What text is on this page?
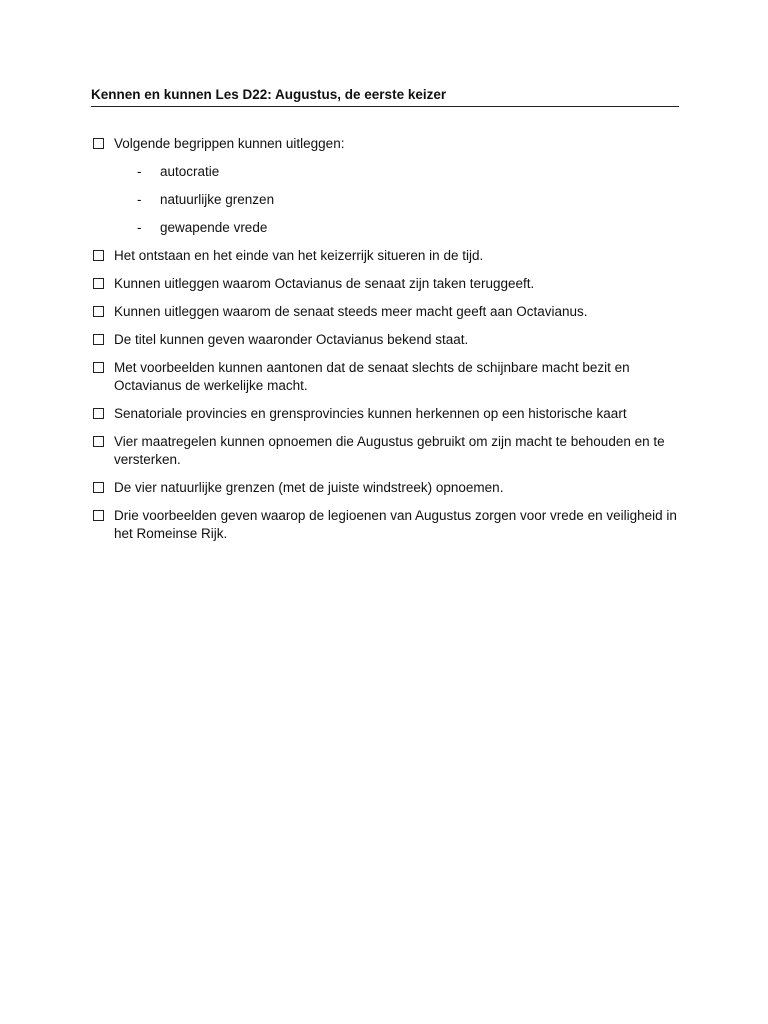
Kennen en kunnen Les D22: Augustus, de eerste keizer
Volgende begrippen kunnen uitleggen:
- autocratie
- natuurlijke grenzen
- gewapende vrede
Het ontstaan en het einde van het keizerrijk situeren in de tijd.
Kunnen uitleggen waarom Octavianus de senaat zijn taken teruggeeft.
Kunnen uitleggen waarom de senaat steeds meer macht geeft aan Octavianus.
De titel kunnen geven waaronder Octavianus bekend staat.
Met voorbeelden kunnen aantonen dat de senaat slechts de schijnbare macht bezit en Octavianus de werkelijke macht.
Senatoriale provincies en grensprovincies kunnen herkennen op een historische kaart
Vier maatregelen kunnen opnoemen die Augustus gebruikt om zijn macht te behouden en te versterken.
De vier natuurlijke grenzen (met de juiste windstreek) opnoemen.
Drie voorbeelden geven waarop de legioenen van Augustus zorgen voor vrede en veiligheid in het Romeinse Rijk.
